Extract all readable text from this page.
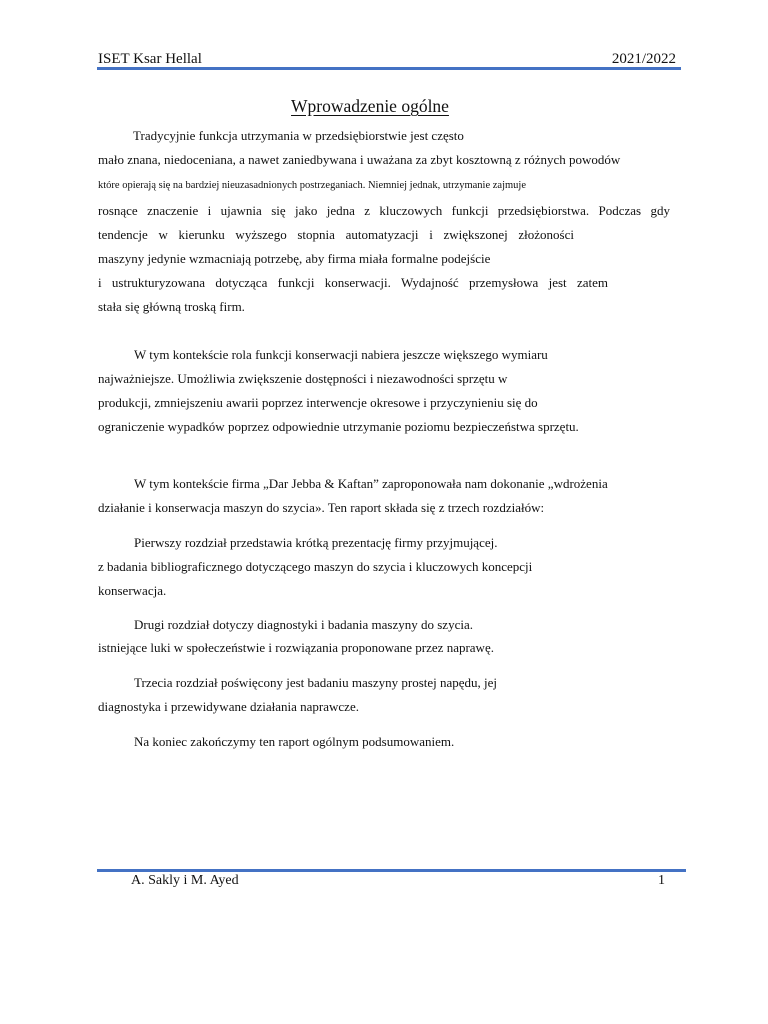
ISET Ksar Hellal	2021/2022
Wprowadzenie ogólne
Tradycyjnie funkcja utrzymania w przedsiębiorstwie jest często
mało znana, niedoceniana, a nawet zaniedbywana i uważana za zbyt kosztowną z różnych powodów
które opierają się na bardziej nieuzasadnionych postrzeganiach. Niemniej jednak, utrzymanie zajmuje
rosnące znaczenie i ujawnia się jako jedna z kluczowych funkcji przedsiębiorstwa. Podczas gdy
tendencje w kierunku wyższego stopnia automatyzacji i zwiększonej złożoności
maszyny jedynie wzmacniają potrzebę, aby firma miała formalne podejście
i ustrukturyzowana dotycząca funkcji konserwacji. Wydajność przemysłowa jest zatem
stała się główną troską firm.
W tym kontekście rola funkcji konserwacji nabiera jeszcze większego wymiaru
najważniejsze. Umożliwia zwiększenie dostępności i niezawodności sprzętu w
produkcji, zmniejszeniu awarii poprzez interwencje okresowe i przyczynieniu się do
ograniczenie wypadków poprzez odpowiednie utrzymanie poziomu bezpieczeństwa sprzętu.
W tym kontekście firma „Dar Jebba & Kaftan” zaproponowała nam dokonanie „wdrożenia
działanie i konserwacja maszyn do szycia». Ten raport składa się z trzech rozdziałów:
Pierwszy rozdział przedstawia krótką prezentację firmy przyjmującej.
z badania bibliograficznego dotyczącego maszyn do szycia i kluczowych koncepcji
konserwacja.
Drugi rozdział dotyczy diagnostyki i badania maszyny do szycia.
istniejące luki w społeczeństwie i rozwiązania proponowane przez naprawę.
Trzecia rozdział poświęcony jest badaniu maszyny prostej napędu, jej
diagnostyka i przewidywane działania naprawcze.
Na koniec zakończymy ten raport ogólnym podsumowaniem.
A. Sakly i M. Ayed	1
